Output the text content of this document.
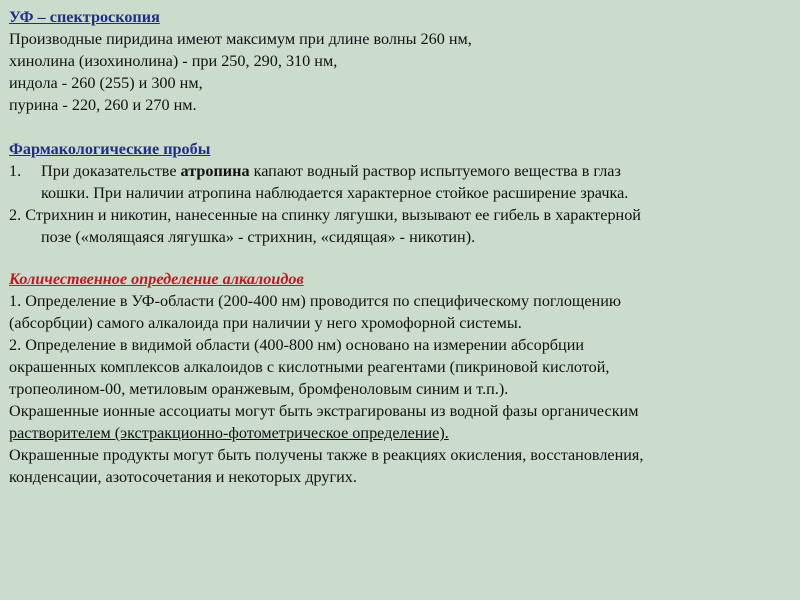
УФ – спектроскопия
Производные пиридина имеют максимум при длине волны 260 нм,
хинолина (изохинолина) - при 250, 290, 310 нм,
индола - 260 (255) и 300 нм,
пурина - 220, 260 и 270 нм.
Фармакологические пробы
1. При доказательстве атропина капают водный раствор испытуемого вещества в глаз
кошки. При наличии атропина наблюдается характерное стойкое расширение зрачка.
2. Стрихнин и никотин, нанесенные на спинку лягушки, вызывают ее гибель в характерной
позе («молящаяся лягушка» - стрихнин, «сидящая» - никотин).
Количественное определение алкалоидов
1. Определение в УФ-области (200-400 нм) проводится по специфическому поглощению
(абсорбции) самого алкалоида при наличии у него хромофорной системы.
2. Определение в видимой области (400-800 нм) основано на измерении абсорбции
окрашенных комплексов алкалоидов с кислотными реагентами (пикриновой кислотой,
тропеолином-00, метиловым оранжевым, бромфеноловым синим и т.п.).
Окрашенные ионные ассоциаты могут быть экстрагированы из водной фазы органическим
растворителем (экстракционно-фотометрическое определение).
Окрашенные продукты могут быть получены также в реакциях окисления, восстановления,
конденсации, азотосочетания и некоторых других.
